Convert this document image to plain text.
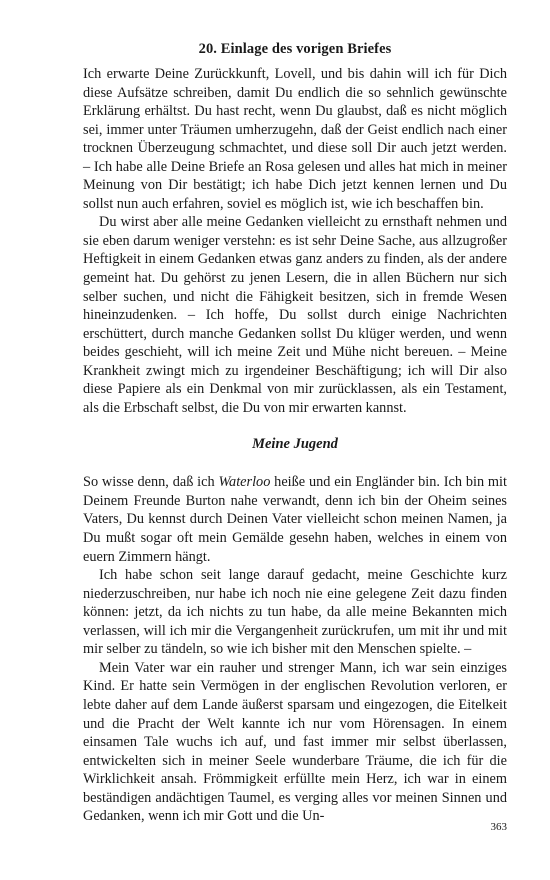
20. Einlage des vorigen Briefes

Ich erwarte Deine Zurückkunft, Lovell, und bis dahin will ich für Dich diese Aufsätze schreiben, damit Du endlich die so sehnlich gewünschte Erklärung erhältst. Du hast recht, wenn Du glaubst, daß es nicht möglich sei, immer unter Träumen umherzugehn, daß der Geist endlich nach einer trocknen Überzeugung schmachtet, und diese soll Dir auch jetzt werden. – Ich habe alle Deine Briefe an Rosa gelesen und alles hat mich in meiner Meinung von Dir bestätigt; ich habe Dich jetzt kennen lernen und Du sollst nun auch erfahren, soviel es möglich ist, wie ich beschaffen bin.

Du wirst aber alle meine Gedanken vielleicht zu ernsthaft nehmen und sie eben darum weniger verstehn: es ist sehr Deine Sache, aus allzugroßer Heftigkeit in einem Gedanken etwas ganz anders zu finden, als der andere gemeint hat. Du gehörst zu jenen Lesern, die in allen Büchern nur sich selber suchen, und nicht die Fähigkeit besitzen, sich in fremde Wesen hineinzudenken. – Ich hoffe, Du sollst durch einige Nachrichten erschüttert, durch manche Gedanken sollst Du klüger werden, und wenn beides geschieht, will ich meine Zeit und Mühe nicht bereuen. – Meine Krankheit zwingt mich zu irgendeiner Beschäftigung; ich will Dir also diese Papiere als ein Denkmal von mir zurücklassen, als ein Testament, als die Erbschaft selbst, die Du von mir erwarten kannst.

Meine Jugend

So wisse denn, daß ich Waterloo heiße und ein Engländer bin. Ich bin mit Deinem Freunde Burton nahe verwandt, denn ich bin der Oheim seines Vaters, Du kennst durch Deinen Vater vielleicht schon meinen Namen, ja Du mußt sogar oft mein Gemälde gesehn haben, welches in einem von euern Zimmern hängt.

Ich habe schon seit lange darauf gedacht, meine Geschichte kurz niederzuschreiben, nur habe ich noch nie eine gelegene Zeit dazu finden können: jetzt, da ich nichts zu tun habe, da alle meine Bekannten mich verlassen, will ich mir die Vergangenheit zurückrufen, um mit ihr und mit mir selber zu tändeln, so wie ich bisher mit den Menschen spielte. –

Mein Vater war ein rauher und strenger Mann, ich war sein einziges Kind. Er hatte sein Vermögen in der englischen Revolution verloren, er lebte daher auf dem Lande äußerst sparsam und eingezogen, die Eitelkeit und die Pracht der Welt kannte ich nur vom Hörensagen. In einem einsamen Tale wuchs ich auf, und fast immer mir selbst überlassen, entwickelten sich in meiner Seele wunderbare Träume, die ich für die Wirklichkeit ansah. Frömmigkeit erfüllte mein Herz, ich war in einem beständigen andächtigen Taumel, es verging alles vor meinen Sinnen und Gedanken, wenn ich mir Gott und die Un-

363
